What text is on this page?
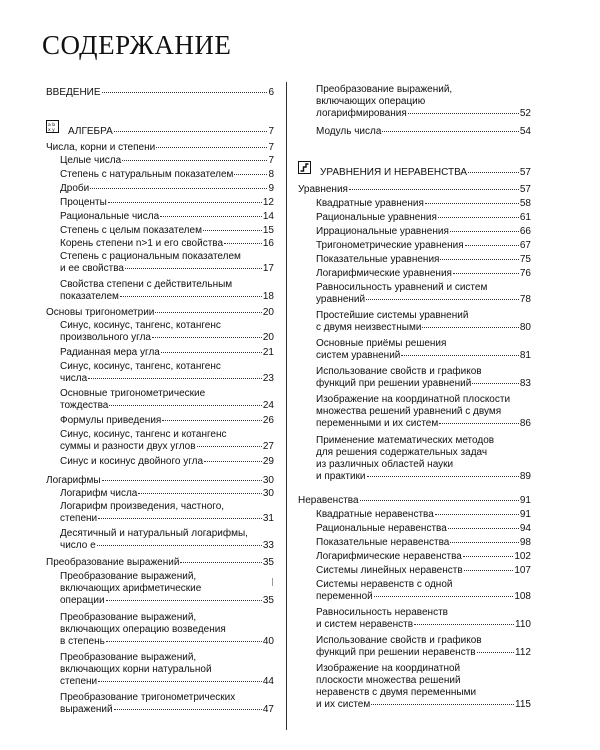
СОДЕРЖАНИЕ
ВВЕДЕНИЕ	6
a b
x y АЛГЕБРА	7
Числа, корни и степени	7
Целые числа	7
Степень с натуральным показателем	8
Дроби	9
Проценты	12
Рациональные числа	14
Степень с целым показателем	15
Корень степени n>1 и его свойства	16
Степень с рациональным показателем
и ее свойства	17
Свойства степени с действительным
показателем	18
Основы тригонометрии	20
Синус, косинус, тангенс, котангенс
произвольного угла	20
Радианная мера угла	21
Синус, косинус, тангенс, котангенс
числа	23
Основные тригонометрические
тождества	24
Формулы приведения	26
Синус, косинус, тангенс и котангенс
суммы и разности двух углов	27
Синус и косинус двойного угла	29
Логарифмы	30
Логарифм числа	30
Логарифм произведения, частного,
степени	31
Десятичный и натуральный логарифмы,
число e	33
Преобразование выражений	35
Преобразование выражений,
включающих арифметические
операции	35
Преобразование выражений,
включающих операцию возведения
в степень	40
Преобразование выражений,
включающих корни натуральной
степени	44
Преобразование тригонометрических
выражений	47
Преобразование выражений,
включающих операцию
логарифмирования	52
Модуль числа	54
УРАВНЕНИЯ И НЕРАВЕНСТВА	57
Уравнения	57
Квадратные уравнения	58
Рациональные уравнения	61
Иррациональные уравнения	66
Тригонометрические уравнения	67
Показательные уравнения	75
Логарифмические уравнения	76
Равносильность уравнений и систем
уравнений	78
Простейшие системы уравнений
с двумя неизвестными	80
Основные приёмы решения
систем уравнений	81
Использование свойств и графиков
функций при решении уравнений	83
Изображение на координатной плоскости
множества решений уравнений с двумя
переменными и их систем	86
Применение математических методов
для решения содержательных задач
из различных областей науки
и практики	89
Неравенства	91
Квадратные неравенства	91
Рациональные неравенства	94
Показательные неравенства	98
Логарифмические неравенства	102
Системы линейных неравенств	107
Системы неравенств с одной
переменной	108
Равносильность неравенств
и систем неравенств	110
Использование свойств и графиков
функций при решении неравенств	112
Изображение на координатной
плоскости множества решений
неравенств с двумя переменными
и их систем	115
